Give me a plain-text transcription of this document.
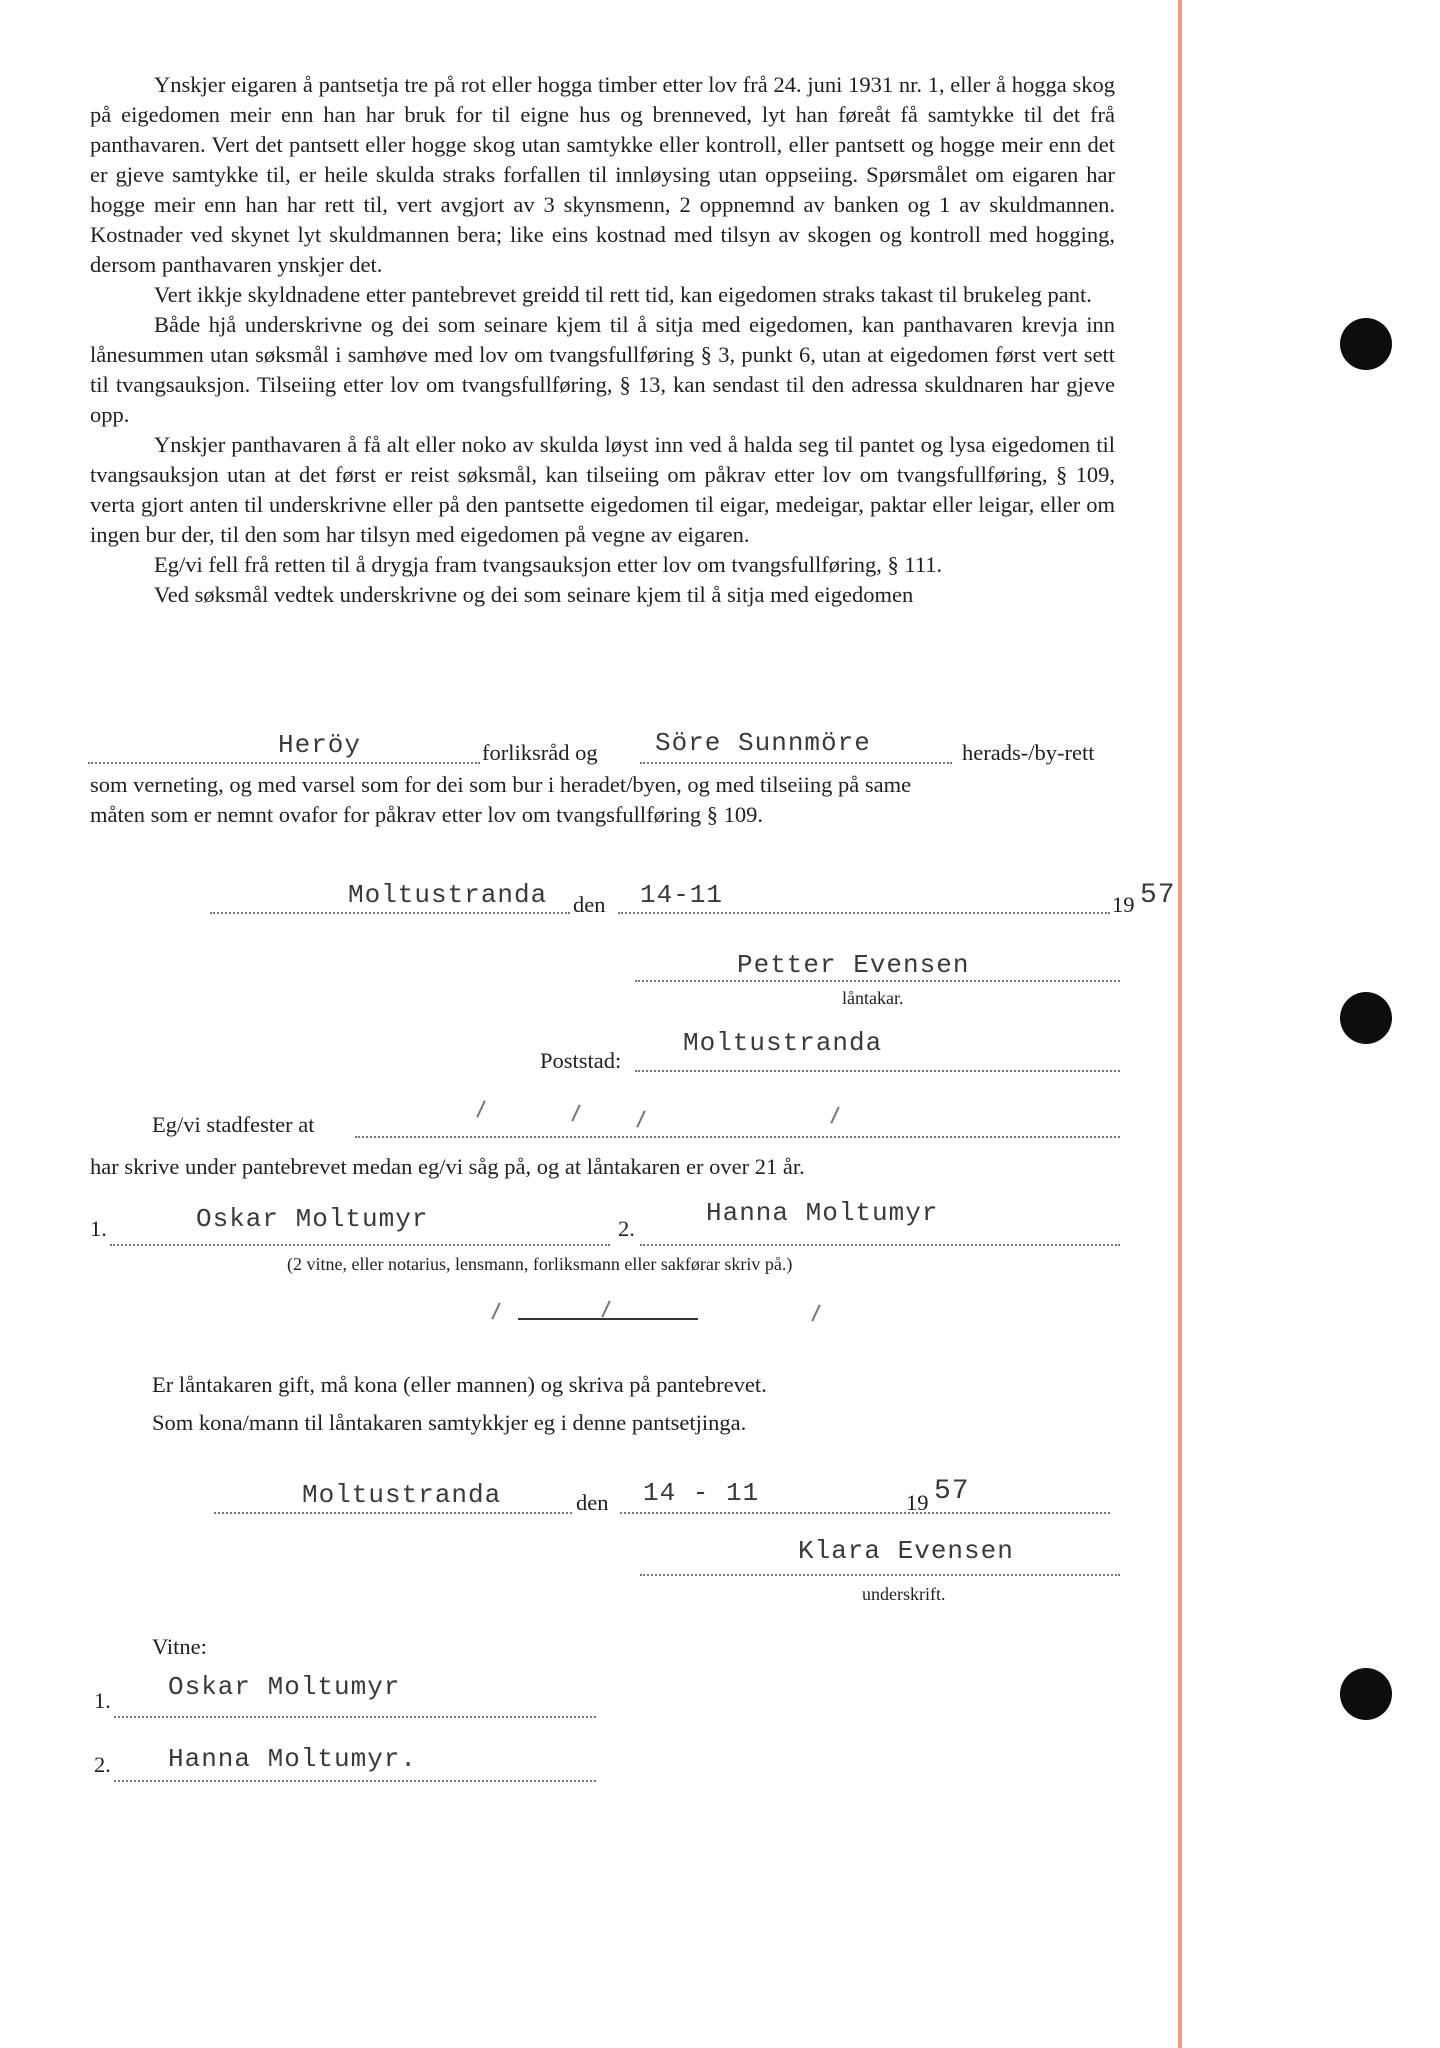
Ynskjer eigaren å pantsetja tre på rot eller hogga timber etter lov frå 24. juni 1931 nr. 1, eller å hogga skog på eigedomen meir enn han har bruk for til eigne hus og brenneved, lyt han føreåt få samtykke til det frå panthavaren. Vert det pantsett eller hogge skog utan samtykke eller kontroll, eller pantsett og hogge meir enn det er gjeve samtykke til, er heile skulda straks forfallen til innløysing utan oppseiing. Spørsmålet om eigaren har hogge meir enn han har rett til, vert avgjort av 3 skynsmenn, 2 oppnemnd av banken og 1 av skuldmannen. Kostnader ved skynet lyt skuldmannen bera; like eins kostnad med tilsyn av skogen og kontroll med hogging, dersom panthavaren ynskjer det.

Vert ikkje skyldnadene etter pantebrevet greidd til rett tid, kan eigedomen straks takast til brukeleg pant.

Både hjå underskrivne og dei som seinare kjem til å sitja med eigedomen, kan panthavaren krevja inn lånesummen utan søksmål i samhøve med lov om tvangsfullføring § 3, punkt 6, utan at eigedomen først vert sett til tvangsauksjon. Tilseiing etter lov om tvangsfullføring, § 13, kan sendast til den adressa skuldnaren har gjeve opp.

Ynskjer panthavaren å få alt eller noko av skulda løyst inn ved å halda seg til pantet og lysa eigedomen til tvangsauksjon utan at det først er reist søksmål, kan tilseiing om påkrav etter lov om tvangsfullføring, § 109, verta gjort anten til underskrivne eller på den pantsette eigedomen til eigar, medeigar, paktar eller leigar, eller om ingen bur der, til den som har tilsyn med eigedomen på vegne av eigaren.

Eg/vi fell frå retten til å drygja fram tvangsauksjon etter lov om tvangsfullføring, § 111.

Ved søksmål vedtek underskrivne og dei som seinare kjem til å sitja med eigedomen

Heröy	forliksråd og Söre Sunnmöre	herads-/by-rett
som verneting, og med varsel som for dei som bur i heradet/byen, og med tilseiing på same
måten som er nemnt ovafor for påkrav etter lov om tvangsfullføring § 109.
Moltustranda den 14-11	19 57
Petter Evensen
låntakar.
Poststad:
Moltustranda
Eg/vi stadfester at
har skrive under pantebrevet medan eg/vi såg på, og at låntakaren er over 21 år.
1.	Oskar Moltumyr	2.
Hanna Moltumyr
(2 vitne, eller notarius, lensmann, forliksmann eller sakførar skriv på.)
Er låntakaren gift, må kona (eller mannen) og skriva på pantebrevet.
Som kona/mann til låntakaren samtykkjer eg i denne pantsetjinga.
Moltustranda	den 14 - 11	19 57
Klara Evensen
underskrift.
Vitne:
1. Oskar Moltumyr
2. Hanna Moltumyr.
